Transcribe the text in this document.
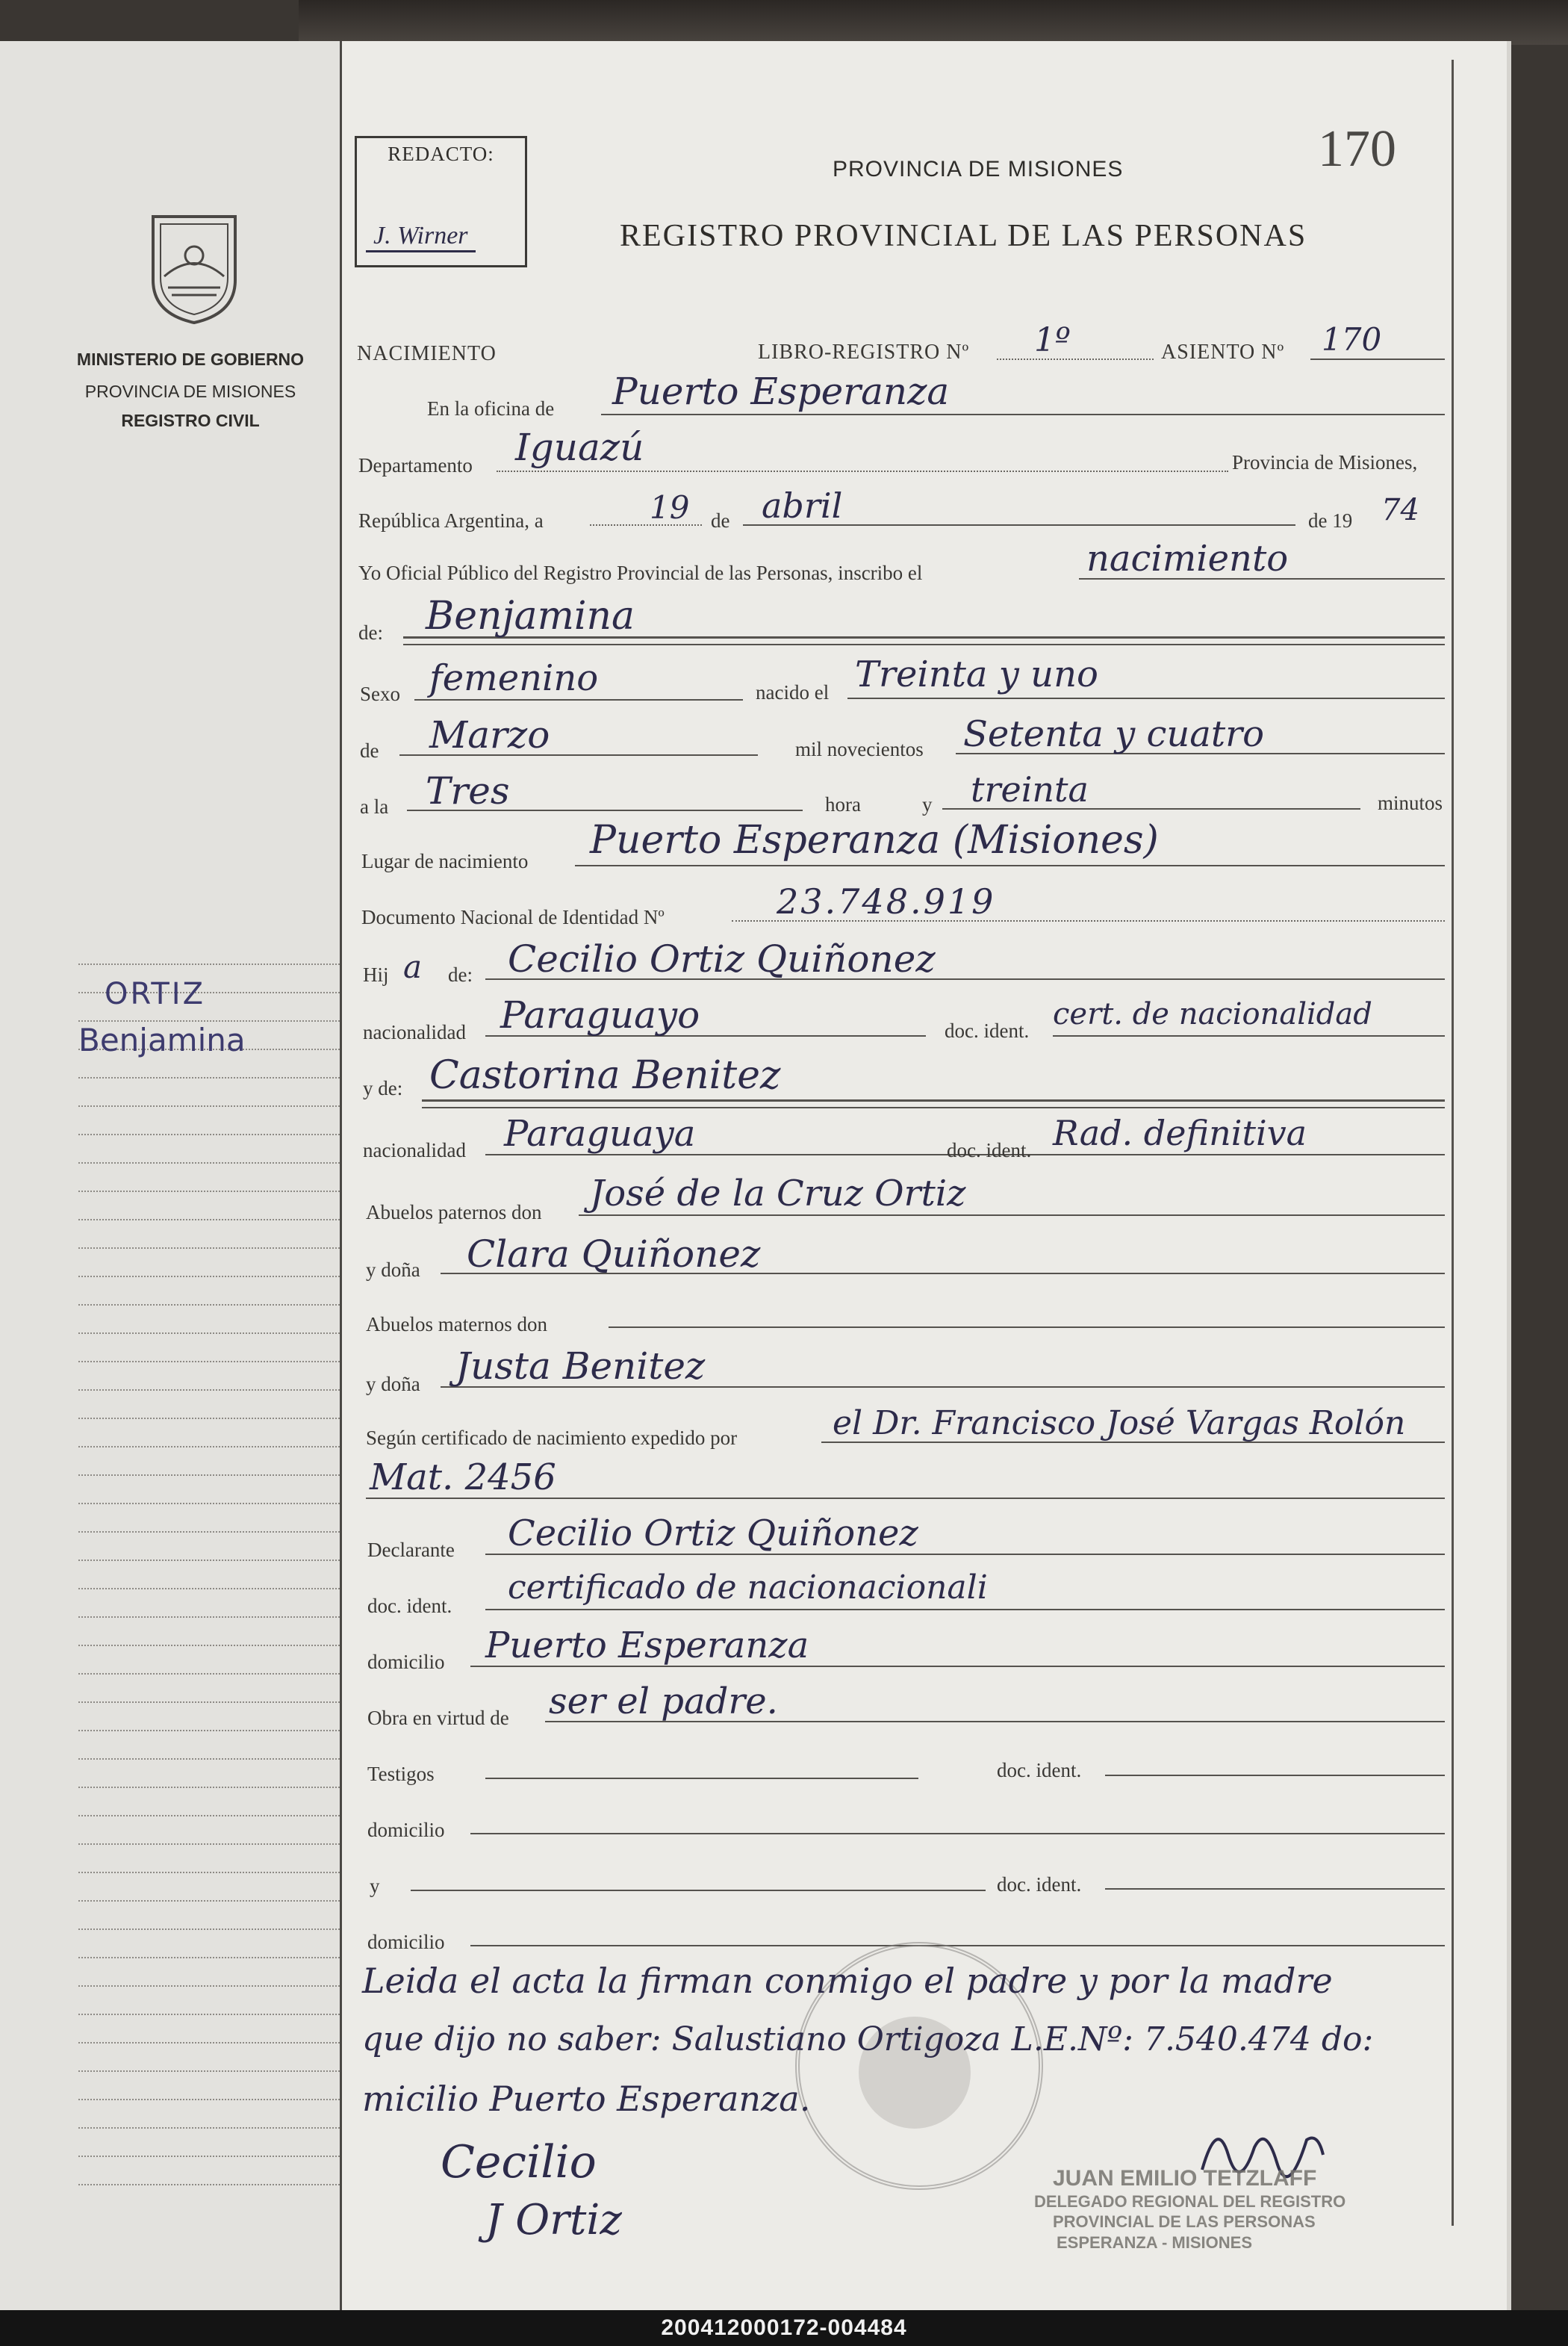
MINISTERIO DE GOBIERNO
PROVINCIA DE MISIONES
REGISTRO CIVIL
ORTIZ
Benjamina
REDACTO:
J. Wirner
PROVINCIA DE MISIONES
REGISTRO PROVINCIAL DE LAS PERSONAS
170
NACIMIENTO	LIBRO-REGISTRO Nº 1º	ASIENTO Nº 170
En la oficina de Puerto Esperanza
Departamento Iguazú	Provincia de Misiones,
República Argentina, a	19 de abril	de 19 74
Yo Oficial Público del Registro Provincial de las Personas, inscribo el	nacimiento
de: Benjamina
Sexo femenino	nacido el Treinta y uno
de Marzo	mil novecientos Setenta y cuatro
a la Tres	hora	y treinta	minutos
Lugar de nacimiento Puerto Esperanza (Misiones)
Documento Nacional de Identidad Nº	23.748.919
Hij a de: Cecilio Ortiz Quiñonez
nacionalidad Paraguayo	doc. ident. cert. de nacionalidad
y de: Castorina Benitez
nacionalidad Paraguaya	doc. ident. Rad. definitiva
Abuelos paternos don José de la Cruz Ortiz
y doña Clara Quiñonez
Abuelos maternos don
y doña Justa Benitez
Según certificado de nacimiento expedido por	el Dr. Francisco José Vargas Rolón
Mat. 2456
Declarante Cecilio Ortiz Quiñonez
doc. ident. certificado de nacionacionali
domicilio Puerto Esperanza
Obra en virtud de ser el padre.
Testigos	doc. ident.
domicilio
y	doc. ident.
domicilio
Leida el acta la firman conmigo el padre y por la madre
que dijo no saber: Salustiano Ortigoza L.E.Nº: 7.540.474 do:
micilio Puerto Esperanza.
Cecilio
J Ortiz
JUAN EMILIO TETZLAFF
DELEGADO REGIONAL DEL REGISTRO
PROVINCIAL DE LAS PERSONAS
ESPERANZA - MISIONES
200412000172-004484
